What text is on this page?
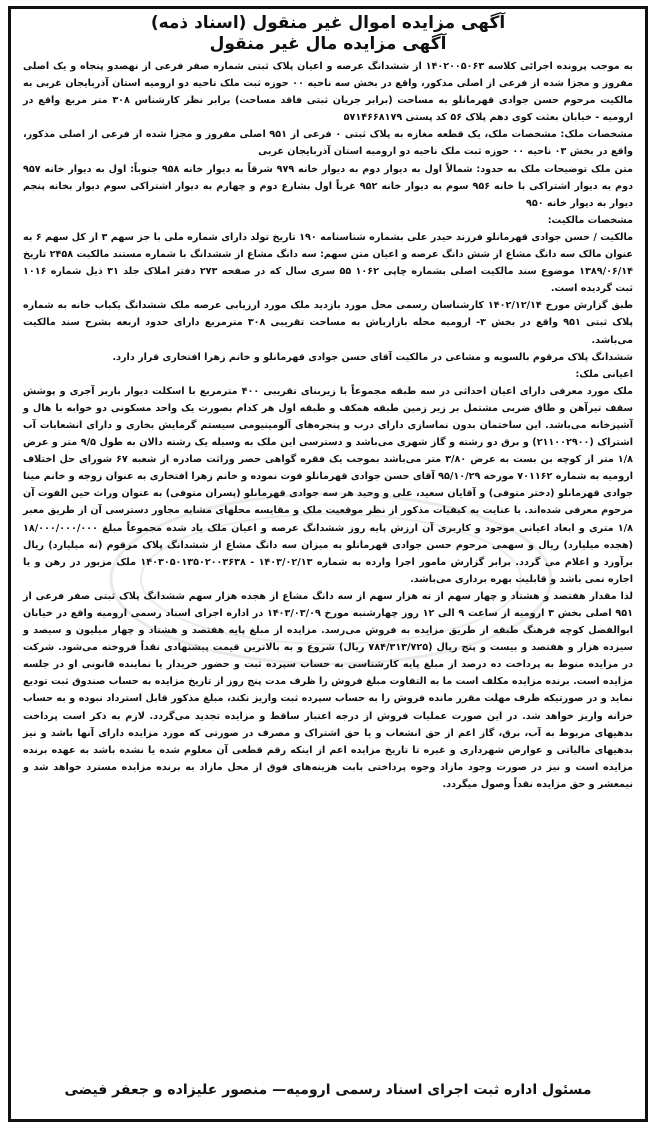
آگهی مزایده اموال غیر منقول (اسناد ذمه)

آگهی مزایده مال غیر منقول

به موجب پرونده اجرائی کلاسه ۱۴۰۲۰۰۵۰۶۳ از ششدانگ عرصه و اعیان پلاک ثبتی شماره صفر فرعی از نهصدو پنجاه و یک اصلی مفروز و مجزا شده از فرعی از اصلی مذکور، واقع در بخش سه ناحیه ۰۰ حوزه ثبت ملک ناحیه دو ارومیه استان آذربایجان غربی به مالکیت مرحوم حسن جوادی قهرمانلو به مساحت (برابر جریان ثبتی فاقد مساحت) برابر نظر کارشناس ۳۰۸ متر مربع واقع در ارومیه - خیابان بعثت کوی دهم پلاک ۵۶ کد پستی ۵۷۱۴۶۶۸۱۷۹

مشخصات ملک: مشخصات ملک، یک قطعه مغازه به پلاک ثبتی ۰ فرعی از ۹۵۱ اصلی مفروز و مجزا شده از فرعی از اصلی مذکور، واقع در بخش ۰۳ ناحیه ۰۰ حوزه ثبت ملک ناحیه دو ارومیه استان آذربایجان غربی

متن ملک توضیحات ملک به حدود: شمالاً اول به دیوار دوم به دیوار خانه ۹۷۹ شرقاً به دیوار خانه ۹۵۸ جنوباً: اول به دیوار خانه ۹۵۷ دوم به دیوار اشتراکی با خانه ۹۵۶ سوم به دیوار خانه ۹۵۲ غرباً اول بشارع دوم و چهارم به دیوار اشتراکی سوم دیوار بخانه پنجم دیوار به دیوار خانه ۹۵۰

مشخصات مالکیت:

مالکیت / حسن جوادی قهرمانلو فرزند حیدر علی بشماره شناسنامه ۱۹۰ تاریخ تولد دارای شماره ملی با جز سهم ۳ از کل سهم ۶ به عنوان مالک سه دانگ مشاع از شش دانگ عرصه و اعیان متن سهم: سه دانگ مشاع از ششدانگ با شماره مستند مالکیت ۲۴۵۸ تاریخ ۱۳۸۹/۰۶/۱۴ موضوع سند مالکیت اصلی بشماره چاپی ۱۰۶۲ ۵۵ سری سال که در صفحه ۲۷۳ دفتر املاک جلد ۳۱ ذیل شماره ۱۰۱۶ ثبت گردیده است.

طبق گزارش مورخ ۱۴۰۲/۱۲/۱۴ کارشناسان رسمی محل مورد بازدید ملک مورد ارزیابی عرصه ملک ششدانگ یکباب خانه به شماره پلاک ثبتی ۹۵۱ واقع در بخش ۳- ارومیه محله بازارباش به مساحت تقریبی ۳۰۸ مترمربع دارای حدود اربعه بشرح سند مالکیت می‌باشد.

ششدانگ پلاک مرقوم بالسویه و مشاعی در مالکیت آقای حسن جوادی قهرمانلو و خانم زهرا افتخاری قرار دارد.

اعیانی ملک:

ملک مورد معرفی دارای اعیان احداثی در سه طبقه مجموعاً با زیربنای تقریبی ۴۰۰ مترمربع با اسکلت دیوار باربر آجری و پوشش سقف تیرآهن و طاق ضربی مشتمل بر زیر زمین طبقه همکف و طبقه اول هر کدام بصورت یک واحد مسکونی دو خوابه با هال و آشپزخانه می‌باشد. این ساختمان بدون نماسازی دارای درب و پنجره‌های آلومینیومی سیستم گرمایش بخاری و دارای انشعابات آب اشتراک (۲۱۱۰۰۲۹۰۰) و برق دو رشته و گاز شهری می‌باشد و دسترسی این ملک به وسیله یک رشته دالان به طول ۹/۵ متر و عرض ۱/۸ متر از کوچه بن بست به عرض ۳/۸۰ متر می‌باشد بموجب یک فقره گواهی حصر وراثت صادره از شعبه ۶۷ شورای حل اختلاف ارومیه به شماره ۷۰۱۱۶۲ مورخه ۹۵/۱۰/۲۹ آقای حسن جوادی قهرمانلو فوت نموده و خانم زهرا افتخاری به عنوان زوجه و خانم مینا جوادی قهرمانلو (دختر متوفی) و آقایان سعید، علی و وحید هر سه جوادی قهرمانلو (پسران متوفی) به عنوان وراث حین الفوت آن مرحوم معرفی شده‌اند. با عنایت به کیفیات مذکور از نظر موقعیت ملک و مقایسه محلهای مشابه مجاور دسترسی آن از طریق معبر ۱/۸ متری و ابعاد اعیانی موجود و کاربری آن ارزش پایه روز ششدانگ عرصه و اعیان ملک یاد شده مجموعاً مبلغ ۱۸/۰۰۰/۰۰۰/۰۰۰ (هجده میلیارد) ریال و سهمی مرحوم حسن جوادی قهرمانلو به میزان سه دانگ مشاع از ششدانگ پلاک مرقوم (نه میلیارد) ریال برآورد و اعلام می گردد. برابر گزارش مامور اجرا وارده به شماره ۱۴۰۳/۰۲/۱۳ - ۱۴۰۳۰۵۰۱۳۵۰۲۰۰۳۶۳۸ ملک مزبور در رهن و یا اجاره نمی باشد و قابلیت بهره برداری می‌باشد.

لذا مقدار هفتصد و هشتاد و چهار سهم از نه هزار سهم از سه دانگ مشاع از هجده هزار سهم ششدانگ پلاک ثبتی صفر فرعی از ۹۵۱ اصلی بخش ۳ ارومیه از ساعت ۹ الی ۱۲ روز چهارشنبه مورخ ۱۴۰۳/۰۳/۰۹ در اداره اجرای اسناد رسمی ارومیه واقع در خیابان ابوالفضل کوچه فرهنگ طبقه از طریق مزایده به فروش می‌رسد. مزایده از مبلغ پایه هفتصد و هشتاد و چهار میلیون و سیصد و سیزده هزار و هفتصد و بیست و پنج ریال (۷۸۴/۳۱۳/۷۲۵ ریال) شروع و به بالاترین قیمت پیشنهادی نقداً فروخته می‌شود. شرکت در مزایده منوط به پرداخت ده درصد از مبلغ پایه کارشناسی به حساب سپرده ثبت و حضور خریدار یا نماینده قانونی او در جلسه مزایده است. برنده مزایده مکلف است ما به التفاوت مبلغ فروش را ظرف مدت پنج روز از تاریخ مزایده به حساب صندوق ثبت تودیع نماید و در صورتیکه ظرف مهلت مقرر مانده فروش را به حساب سپرده ثبت واریز نکند، مبلغ مذکور قابل استرداد نبوده و به حساب خزانه واریز خواهد شد. در این صورت عملیات فروش از درجه اعتبار ساقط و مزایده تجدید می‌گردد. لازم به ذکر است پرداخت بدهیهای مربوط به آب، برق، گاز اعم از حق انشعاب و یا حق اشتراک و مصرف در صورتی که مورد مزایده دارای آنها باشد و نیز بدهیهای مالیاتی و عوارض شهرداری و غیره تا تاریخ مزایده اعم از اینکه رقم قطعی آن معلوم شده یا نشده باشد به عهده برنده مزایده است و نیز در صورت وجود مازاد وجوه پرداختی بابت هزینه‌های فوق از محل مازاد به برنده مزایده مسترد خواهد شد و نیمعشر و حق مزایده نقداً وصول میگردد.

مسئول اداره ثبت اجرای اسناد رسمی ارومیه— منصور علیزاده و جعفر فیضی
